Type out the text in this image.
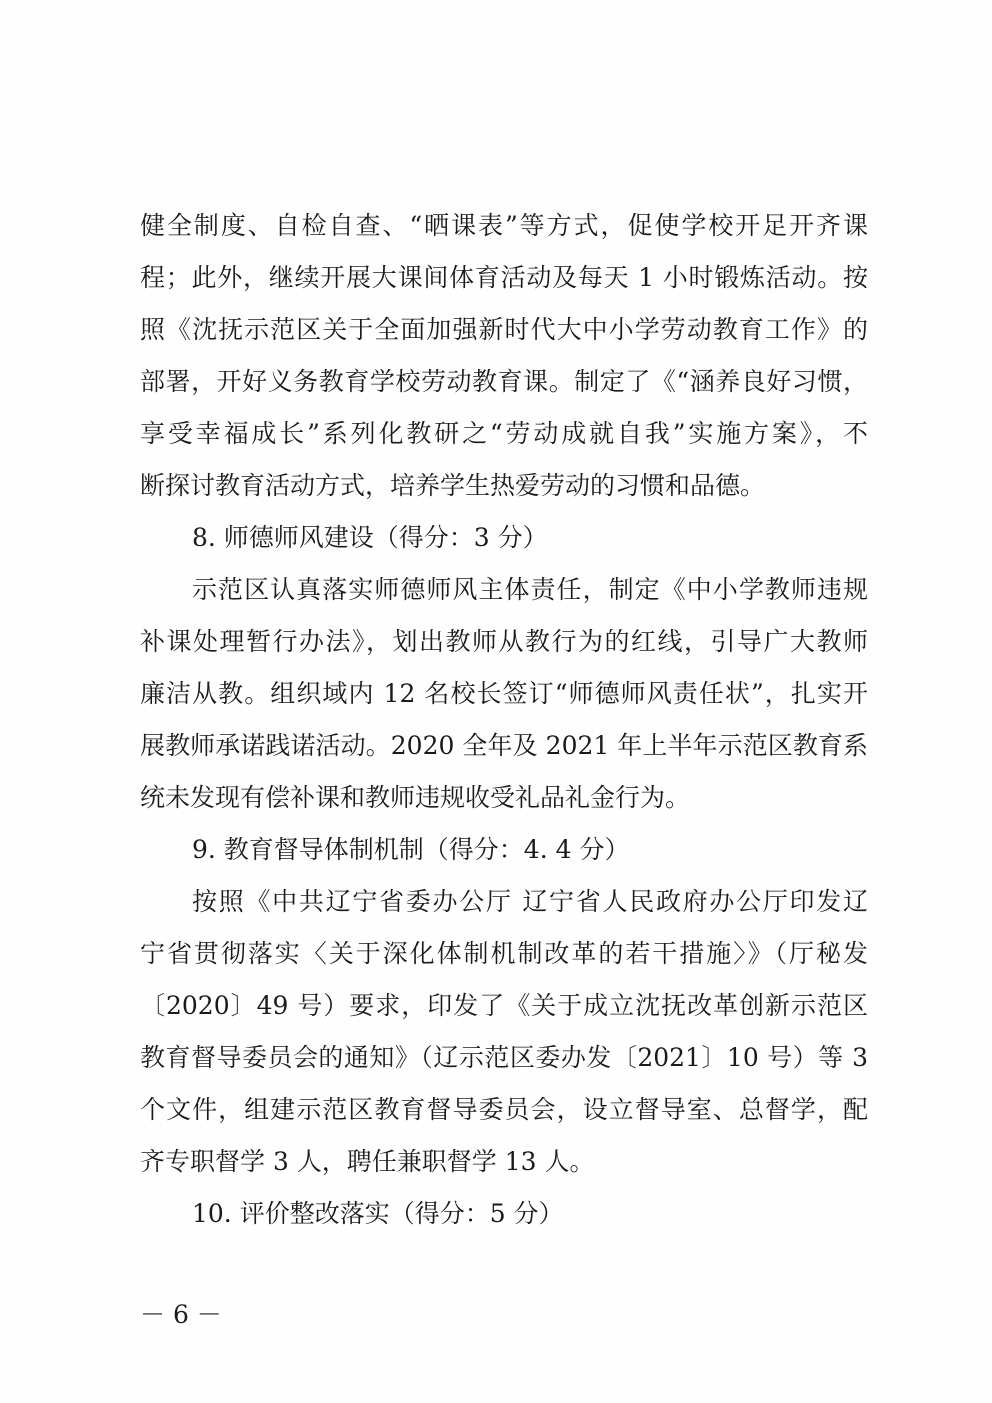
健全制度、自检自查、“晒课表”等方式，促使学校开足开齐课
程；此外，继续开展大课间体育活动及每天 1 小时锻炼活动。按
照《沈抚示范区关于全面加强新时代大中小学劳动教育工作》的
部署，开好义务教育学校劳动教育课。制定了《“涵养良好习惯，
享受幸福成长”系列化教研之“劳动成就自我”实施方案》，不
断探讨教育活动方式，培养学生热爱劳动的习惯和品德。
8. 师德师风建设（得分：3 分）
示范区认真落实师德师风主体责任，制定《中小学教师违规
补课处理暂行办法》，划出教师从教行为的红线，引导广大教师
廉洁从教。组织域内 12 名校长签订“师德师风责任状”，扎实开
展教师承诺践诺活动。2020 全年及 2021 年上半年示范区教育系
统未发现有偿补课和教师违规收受礼品礼金行为。
9. 教育督导体制机制（得分：4. 4 分）
按照《中共辽宁省委办公厅 辽宁省人民政府办公厅印发辽
宁省贯彻落实〈关于深化体制机制改革的若干措施〉》（厅秘发
〔2020〕49 号）要求，印发了《关于成立沈抚改革创新示范区
教育督导委员会的通知》（辽示范区委办发〔2021〕10 号）等 3
个文件，组建示范区教育督导委员会，设立督导室、总督学，配
齐专职督学 3 人，聘任兼职督学 13 人。
10. 评价整改落实（得分：5 分）
－ 6 －
